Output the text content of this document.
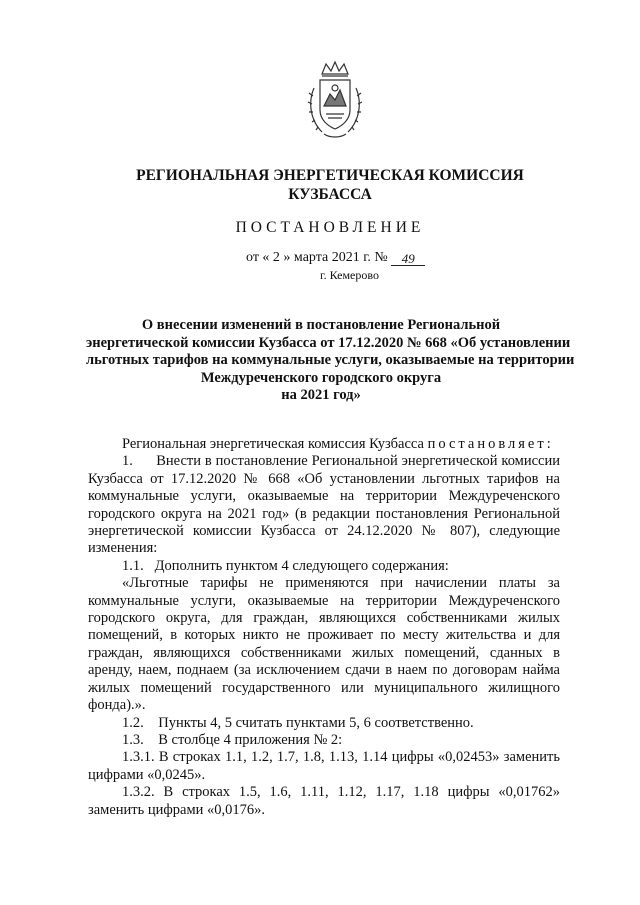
РЕГИОНАЛЬНАЯ ЭНЕРГЕТИЧЕСКАЯ КОМИССИЯ
КУЗБАССА
ПОСТАНОВЛЕНИЕ
от « 2 » марта 2021 г. № 49
г. Кемерово
О внесении изменений в постановление Региональной
энергетической комиссии Кузбасса от 17.12.2020 № 668 «Об установлении
льготных тарифов на коммунальные услуги, оказываемые на территории
Междуреченского городского округа
на 2021 год»

Региональная энергетическая комиссия Кузбасса постановляет:

1.      Внести в постановление Региональной энергетической комиссии Кузбасса от 17.12.2020 № 668 «Об установлении льготных тарифов на коммунальные услуги, оказываемые на территории Междуреченского городского округа на 2021 год» (в редакции постановления Региональной энергетической комиссии Кузбасса от 24.12.2020 № 807), следующие изменения:

1.1.   Дополнить пунктом 4 следующего содержания:

«Льготные тарифы не применяются при начислении платы за коммунальные услуги, оказываемые на территории Междуреченского городского округа, для граждан, являющихся собственниками жилых помещений, в которых никто не проживает по месту жительства и для граждан, являющихся собственниками жилых помещений, сданных в аренду, наем, поднаем (за исключением сдачи в наем по договорам найма жилых помещений государственного или муниципального жилищного фонда).».

1.2.    Пункты 4, 5 считать пунктами 5, 6 соответственно.

1.3.    В столбце 4 приложения № 2:

1.3.1. В строках 1.1, 1.2, 1.7, 1.8, 1.13, 1.14 цифры «0,02453» заменить цифрами «0,0245».

1.3.2. В строках 1.5, 1.6, 1.11, 1.12, 1.17, 1.18 цифры «0,01762» заменить цифрами «0,0176».
